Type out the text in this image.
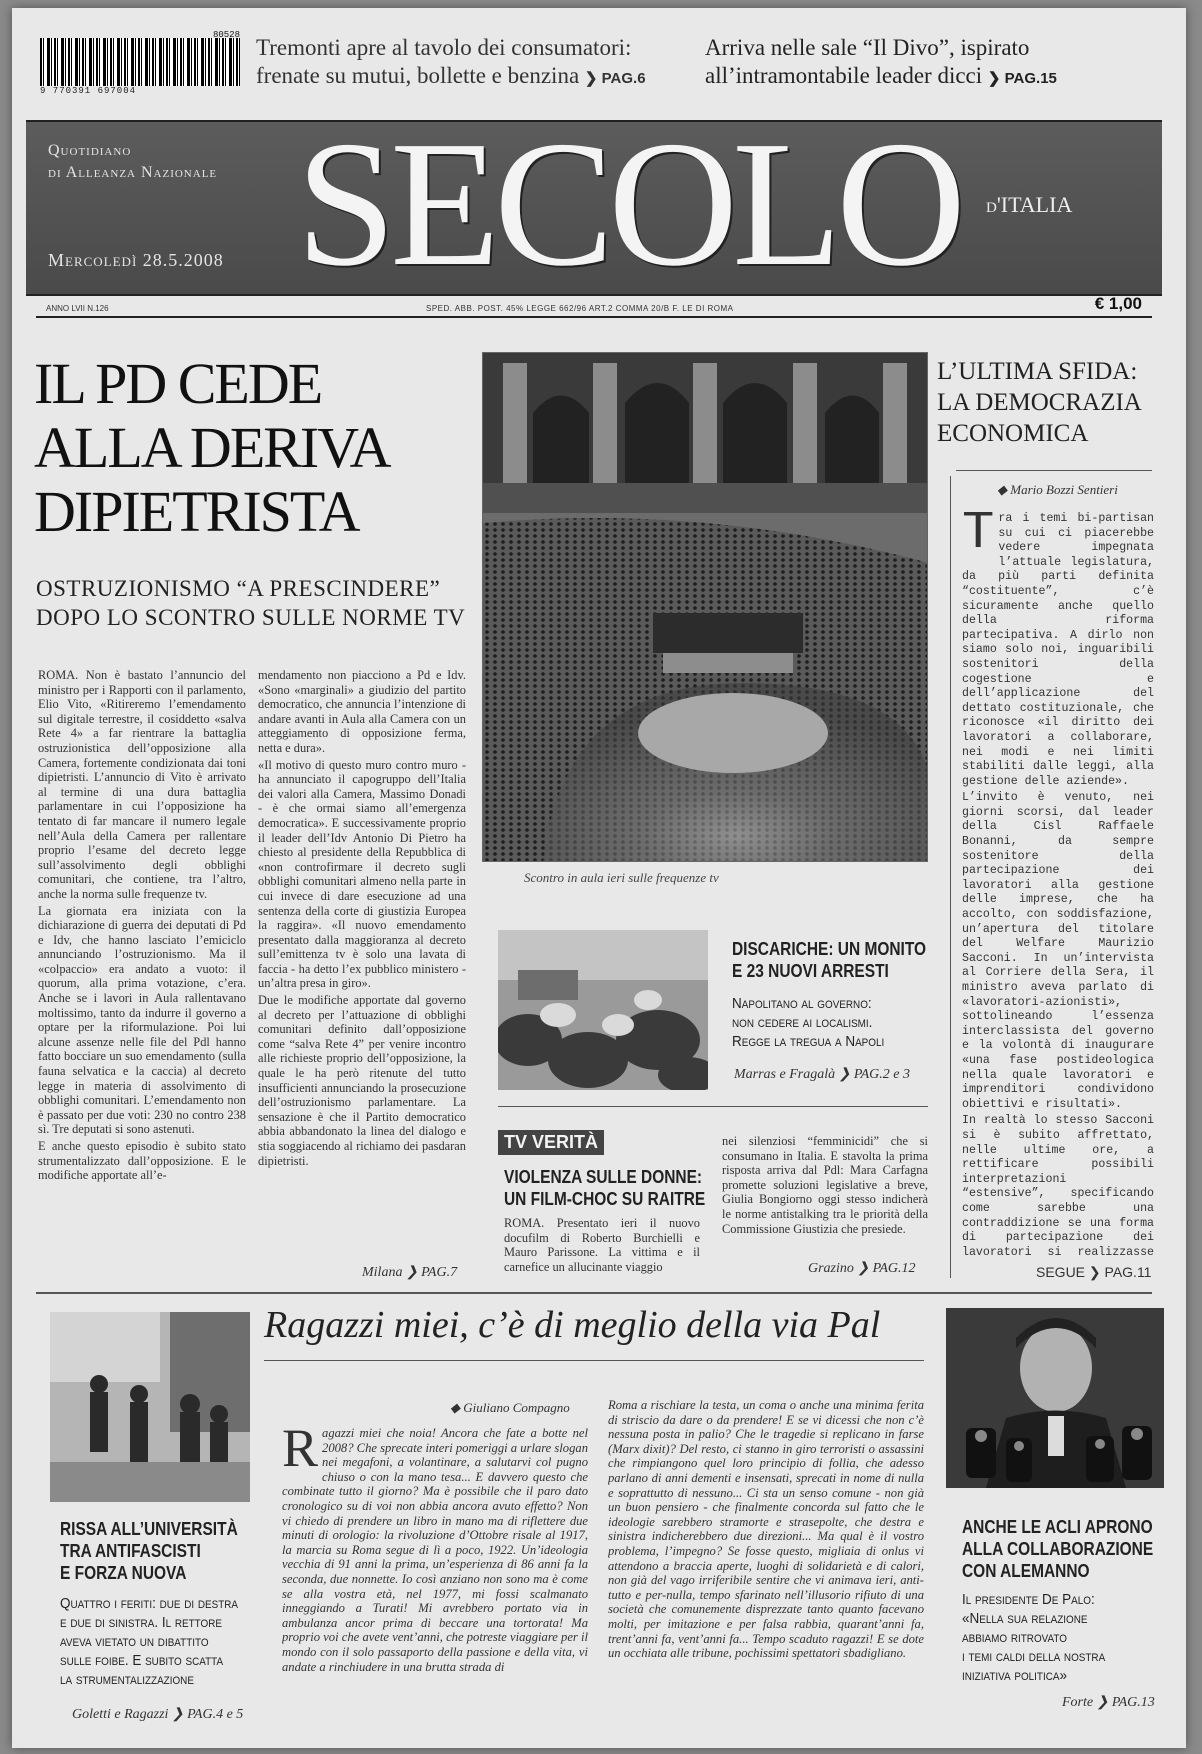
9 770391 697004
80528 Tremonti apre al tavolo dei consumatori:
frenate su mutui, bollette e benzina ❯ PAG.6
Arriva nelle sale “Il Divo”, ispirato
all’intramontabile leader dicci ❯ PAG.15
Quotidiano
di Alleanza Nazionale SECOLO d'ITALIA
Mercoledì 28.5.2008
ANNO LVII N.126	SPED. ABB. POST. 45% LEGGE 662/96 ART.2 COMMA 20/B F. LE DI ROMA	€ 1,00
IL PD CEDE
ALLA DERIVA
DIPIETRISTA
OSTRUZIONISMO “A PRESCINDERE”
DOPO LO SCONTRO SULLE NORME TV

ROMA. Non è bastato l’annuncio del ministro per i Rapporti con il parlamento, Elio Vito, «Ritireremo l’emendamento sul digitale terrestre, il cosiddetto «salva Rete 4» a far rientrare la battaglia ostruzionistica dell’opposizione alla Camera, fortemente condizionata dai toni dipietristi. L’annuncio di Vito è arrivato al termine di una dura battaglia parlamentare in cui l’opposizione ha tentato di far mancare il numero legale nell’Aula della Camera per rallentare proprio l’esame del decreto legge sull’assolvimento degli obblighi comunitari, che contiene, tra l’altro, anche la norma sulle frequenze tv.

La giornata era iniziata con la dichiarazione di guerra dei deputati di Pd e Idv, che hanno lasciato l’emiciclo annunciando l’ostruzionismo. Ma il «colpaccio» era andato a vuoto: il quorum, alla prima votazione, c’era. Anche se i lavori in Aula rallentavano moltissimo, tanto da indurre il governo a optare per la riformulazione. Poi lui alcune assenze nelle file del Pdl hanno fatto bocciare un suo emendamento (sulla fauna selvatica e la caccia) al decreto legge in materia di assolvimento di obblighi comunitari. L’emendamento non è passato per due voti: 230 no contro 238 sì. Tre deputati si sono astenuti.

E anche questo episodio è subito stato strumentalizzato dall’opposizione. E le modifiche apportate all’e-

mendamento non piacciono a Pd e Idv. «Sono «marginali» a giudizio del partito democratico, che annuncia l’intenzione di andare avanti in Aula alla Camera con un atteggiamento di opposizione ferma, netta e dura».

«Il motivo di questo muro contro muro - ha annunciato il capogruppo dell’Italia dei valori alla Camera, Massimo Donadi - è che ormai siamo all’emergenza democratica». E successivamente proprio il leader dell’Idv Antonio Di Pietro ha chiesto al presidente della Repubblica di «non controfirmare il decreto sugli obblighi comunitari almeno nella parte in cui invece di dare esecuzione ad una sentenza della corte di giustizia Europea la raggira». «Il nuovo emendamento presentato dalla maggioranza al decreto sull’emittenza tv è solo una lavata di faccia - ha detto l’ex pubblico ministero - un’altra presa in giro».

Due le modifiche apportate dal governo al decreto per l’attuazione di obblighi comunitari definito dall’opposizione come “salva Rete 4” per venire incontro alle richieste proprio dell’opposizione, la quale le ha però ritenute del tutto insufficienti annunciando la prosecuzione dell’ostruzionismo parlamentare. La sensazione è che il Partito democratico abbia abbandonato la linea del dialogo e stia soggiacendo al richiamo dei pasdaran dipietristi.

Milana ❯ PAG.7
Scontro in aula ieri sulle frequenze tv
L’ULTIMA SFIDA:
LA DEMOCRAZIA
ECONOMICA
◆ Mario Bozzi Sentieri

Tra i temi bi-partisan su cui ci piacerebbe vedere impegnata l’attuale legislatura, da più parti definita “costituente”, c’è sicuramente anche quello della riforma partecipativa. A dirlo non siamo solo noi, inguaribili sostenitori della cogestione e dell’applicazione del dettato costituzionale, che riconosce «il diritto dei lavoratori a collaborare, nei modi e nei limiti stabiliti dalle leggi, alla gestione delle aziende».

L’invito è venuto, nei giorni scorsi, dal leader della Cisl Raffaele Bonanni, da sempre sostenitore della partecipazione dei lavoratori alla gestione delle imprese, che ha accolto, con soddisfazione, un’apertura del titolare del Welfare Maurizio Sacconi. In un’intervista al Corriere della Sera, il ministro aveva parlato di «lavoratori-azionisti», sottolineando l’essenza interclassista del governo e la volontà di inaugurare «una fase postideologica nella quale lavoratori e imprenditori condividono obiettivi e risultati».

In realtà lo stesso Sacconi si è subito affrettato, nelle ultime ore, a rettificare possibili interpretazioni “estensive”, specificando come sarebbe una contraddizione se una forma di partecipazione dei lavoratori si realizzasse

SEGUE ❯ PAG.11
DISCARICHE: UN MONITO
E 23 NUOVI ARRESTI
Napolitano al governo:
non cedere ai localismi.
Regge la tregua a Napoli
Marras e Fragalà ❯ PAG.2 e 3
TV VERITÀ
VIOLENZA SULLE DONNE:
UN FILM-CHOC SU RAITRE
ROMA. Presentato ieri il nuovo docufilm di Roberto Burchielli e Mauro Parissone. La vittima e il carnefice un allucinante viaggio
nei silenziosi “femminicidi” che si consumano in Italia. E stavolta la prima risposta arriva dal Pdl: Mara Carfagna promette soluzioni legislative a breve, Giulia Bongiorno oggi stesso indicherà le norme antistalking tra le priorità della Commissione Giustizia che presiede.
Grazino ❯ PAG.12
RISSA ALL’UNIVERSITÀ
TRA ANTIFASCISTI
E FORZA NUOVA
Quattro i feriti: due di destra
e due di sinistra. Il rettore
aveva vietato un dibattito
sulle foibe. E subito scatta
la strumentalizzazione
Goletti e Ragazzi ❯ PAG.4 e 5
Ragazzi miei, c’è di meglio della via Pal
◆ Giuliano Compagno
Ragazzi miei che noia! Ancora che fate a botte nel 2008? Che sprecate interi pomeriggi a urlare slogan nei megafoni, a volantinare, a salutarvi col pugno chiuso o con la mano tesa... E davvero questo che combinate tutto il giorno? Ma è possibile che il paro dato cronologico su di voi non abbia ancora avuto effetto? Non vi chiedo di prendere un libro in mano ma di riflettere due minuti di orologio: la rivoluzione d’Ottobre risale al 1917, la marcia su Roma segue di lì a poco, 1922. Un’ideologia vecchia di 91 anni la prima, un’esperienza di 86 anni fa la seconda, due nonnette. Io così anziano non sono ma è come se alla vostra età, nel 1977, mi fossi scalmanato inneggiando a Turati! Mi avrebbero portato via in ambulanza ancor prima di beccare una tortorata! Ma proprio voi che avete vent’anni, che potreste viaggiare per il mondo con il solo passaporto della passione e della vita, vi andate a rinchiudere in una brutta strada di
Roma a rischiare la testa, un coma o anche una minima ferita di striscio da dare o da prendere! E se vi dicessi che non c’è nessuna posta in palio? Che le tragedie si replicano in farse (Marx dixit)? Del resto, ci stanno in giro terroristi o assassini che rimpiangono quel loro principio di follia, che adesso parlano di anni dementi e insensati, sprecati in nome di nulla e soprattutto di nessuno... Ci sta un senso comune - non già un buon pensiero - che finalmente concorda sul fatto che le ideologie sarebbero stramorte e strasepolte, che destra e sinistra indicherebbero due direzioni... Ma qual è il vostro problema, l’impegno? Se fosse questo, migliaia di onlus vi attendono a braccia aperte, luoghi di solidarietà e di calori, non già del vago irriferibile sentire che vi animava ieri, anti-tutto e per-nulla, tempo sfarinato nell’illusorio rifiuto di una società che comunemente disprezzate tanto quanto facevano molti, per imitazione e per falsa rabbia, quarant’anni fa, trent’anni fa, vent’anni fa... Tempo scaduto ragazzi! E se dote un occhiata alle tribune, pochissimi spettatori sbadigliano.
ANCHE LE ACLI APRONO
ALLA COLLABORAZIONE
CON ALEMANNO
Il presidente De Palo:
«Nella sua relazione
abbiamo ritrovato
i temi caldi della nostra
iniziativa politica»
Forte ❯ PAG.13
